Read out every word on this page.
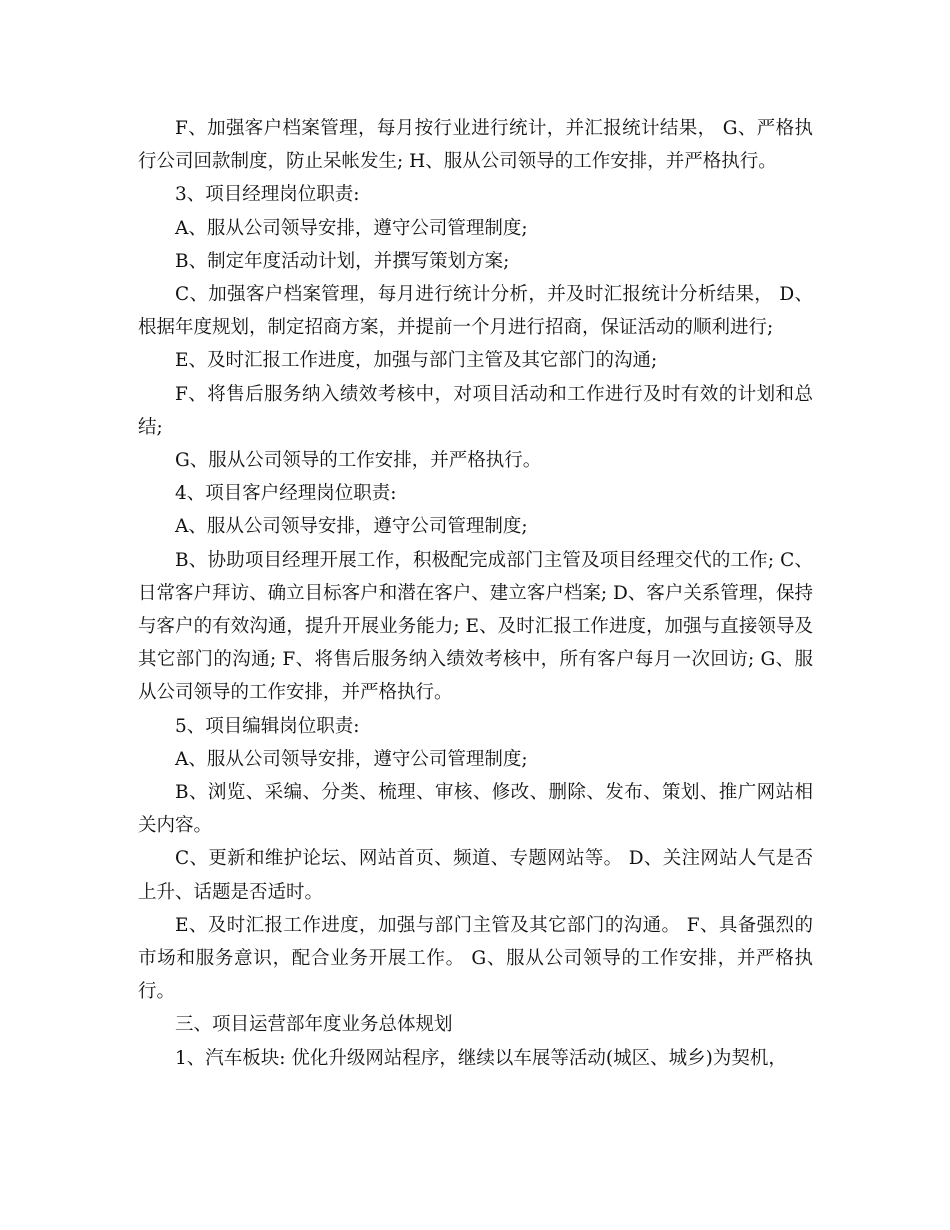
F、加强客户档案管理，每月按行业进行统计，并汇报统计结果， G、严格执行公司回款制度，防止呆帐发生; H、服从公司领导的工作安排，并严格执行。

3、项目经理岗位职责:

A、服从公司领导安排，遵守公司管理制度;

B、制定年度活动计划，并撰写策划方案;

C、加强客户档案管理，每月进行统计分析，并及时汇报统计分析结果， D、根据年度规划，制定招商方案，并提前一个月进行招商，保证活动的顺利进行;

E、及时汇报工作进度，加强与部门主管及其它部门的沟通;

F、将售后服务纳入绩效考核中，对项目活动和工作进行及时有效的计划和总结;

G、服从公司领导的工作安排，并严格执行。

4、项目客户经理岗位职责:

A、服从公司领导安排，遵守公司管理制度;

B、协助项目经理开展工作，积极配完成部门主管及项目经理交代的工作; C、日常客户拜访、确立目标客户和潜在客户、建立客户档案; D、客户关系管理，保持与客户的有效沟通，提升开展业务能力; E、及时汇报工作进度，加强与直接领导及其它部门的沟通; F、将售后服务纳入绩效考核中，所有客户每月一次回访; G、服从公司领导的工作安排，并严格执行。

5、项目编辑岗位职责:

A、服从公司领导安排，遵守公司管理制度;

B、浏览、采编、分类、梳理、审核、修改、删除、发布、策划、推广网站相关内容。

C、更新和维护论坛、网站首页、频道、专题网站等。 D、关注网站人气是否上升、话题是否适时。

E、及时汇报工作进度，加强与部门主管及其它部门的沟通。 F、具备强烈的市场和服务意识，配合业务开展工作。 G、服从公司领导的工作安排，并严格执行。

三、项目运营部年度业务总体规划

1、汽车板块: 优化升级网站程序，继续以车展等活动(城区、城乡)为契机，
